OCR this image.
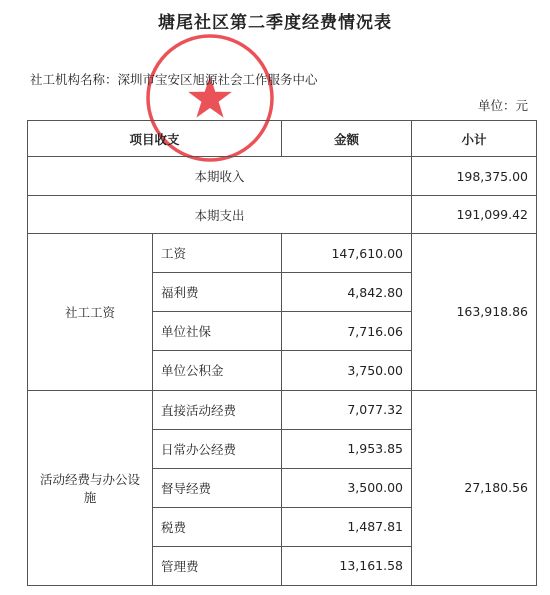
塘尾社区第二季度经费情况表
社工机构名称：深圳市宝安区旭源社会工作服务中心
单位：元
项目收支		金额	小计
本期收入			198,375.00
本期支出			191,099.42
社工工资	工资	147,610.00	163,918.86
	福利费	4,842.80	
	单位社保	7,716.06	
	单位公积金	3,750.00	
活动经费与办公设施	直接活动经费	7,077.32	27,180.56
	日常办公经费	1,953.85	
	督导经费	3,500.00	
	税费	1,487.81	
	管理费	13,161.58	
